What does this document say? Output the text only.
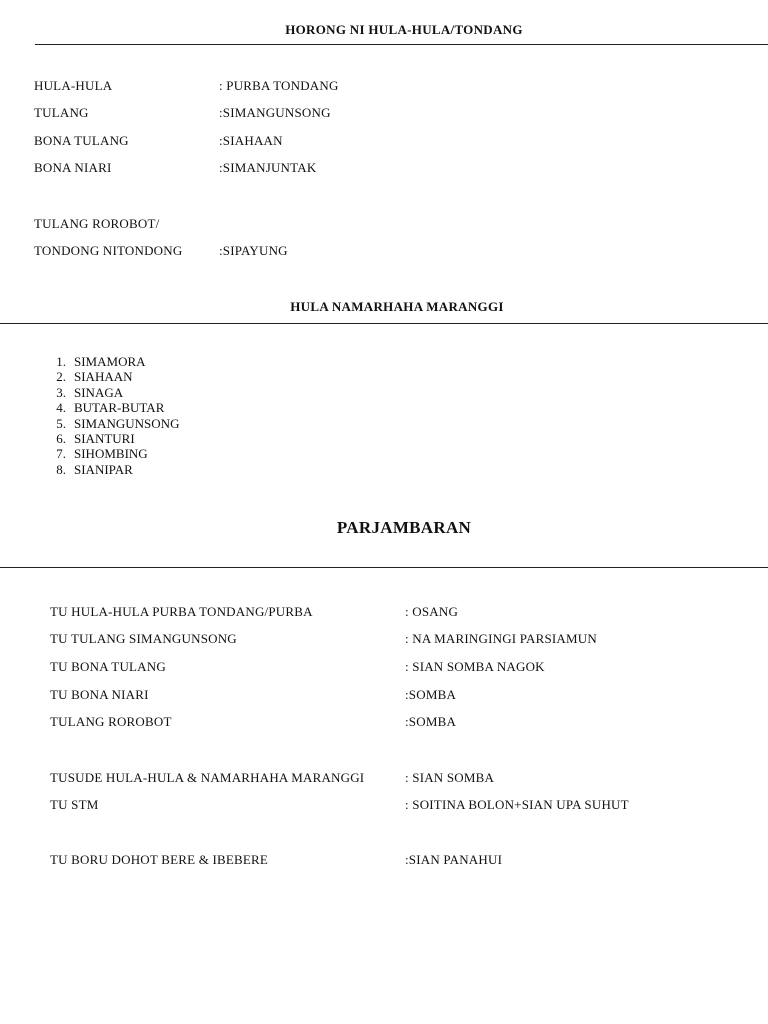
HORONG NI HULA-HULA/TONDANG
HULA-HULA	: PURBA TONDANG
TULANG	:SIMANGUNSONG
BONA TULANG	:SIAHAAN
BONA NIARI	:SIMANJUNTAK
TULANG ROROBOT/
TONDONG NITONDONG	:SIPAYUNG
HULA NAMARHAHA MARANGGI
1. SIMAMORA
2. SIAHAAN
3. SINAGA
4. BUTAR-BUTAR
5. SIMANGUNSONG
6. SIANTURI
7. SIHOMBING
8. SIANIPAR
PARJAMBARAN
TU HULA-HULA PURBA TONDANG/PURBA	: OSANG
TU TULANG SIMANGUNSONG	: NA MARINGINGI PARSIAMUN
TU BONA TULANG	: SIAN SOMBA NAGOK
TU BONA NIARI	:SOMBA
TULANG ROROBOT	:SOMBA
TUSUDE HULA-HULA & NAMARHAHA MARANGGI	: SIAN SOMBA
TU STM	: SOITINA BOLON+SIAN UPA SUHUT
TU BORU DOHOT BERE & IBEBERE	:SIAN PANAHUI
